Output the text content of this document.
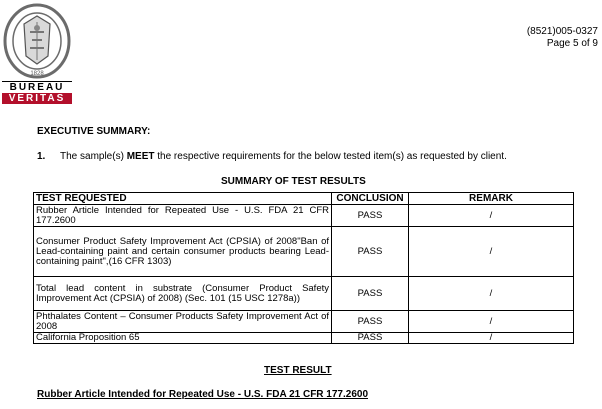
1828
BUREAU
VERITAS
(8521)005-0327
Page 5 of 9
EXECUTIVE SUMMARY:
1. The sample(s) MEET the respective requirements for the below tested item(s) as requested by client.
SUMMARY OF TEST RESULTS
TEST REQUESTED	CONCLUSION	REMARK
Rubber Article Intended for Repeated Use - U.S. FDA 21 CFR 177.2600	PASS	/
Consumer Product Safety Improvement Act (CPSIA) of 2008"Ban of Lead-containing paint and certain consumer products bearing Lead-containing paint",(16 CFR 1303)	PASS	/
Total lead content in substrate (Consumer Product Safety Improvement Act (CPSIA) of 2008) (Sec. 101 (15 USC 1278a))	PASS	/
Phthalates Content – Consumer Products Safety Improvement Act of 2008	PASS	/
California Proposition 65	PASS	/
TEST RESULT
Rubber Article Intended for Repeated Use - U.S. FDA 21 CFR 177.2600
